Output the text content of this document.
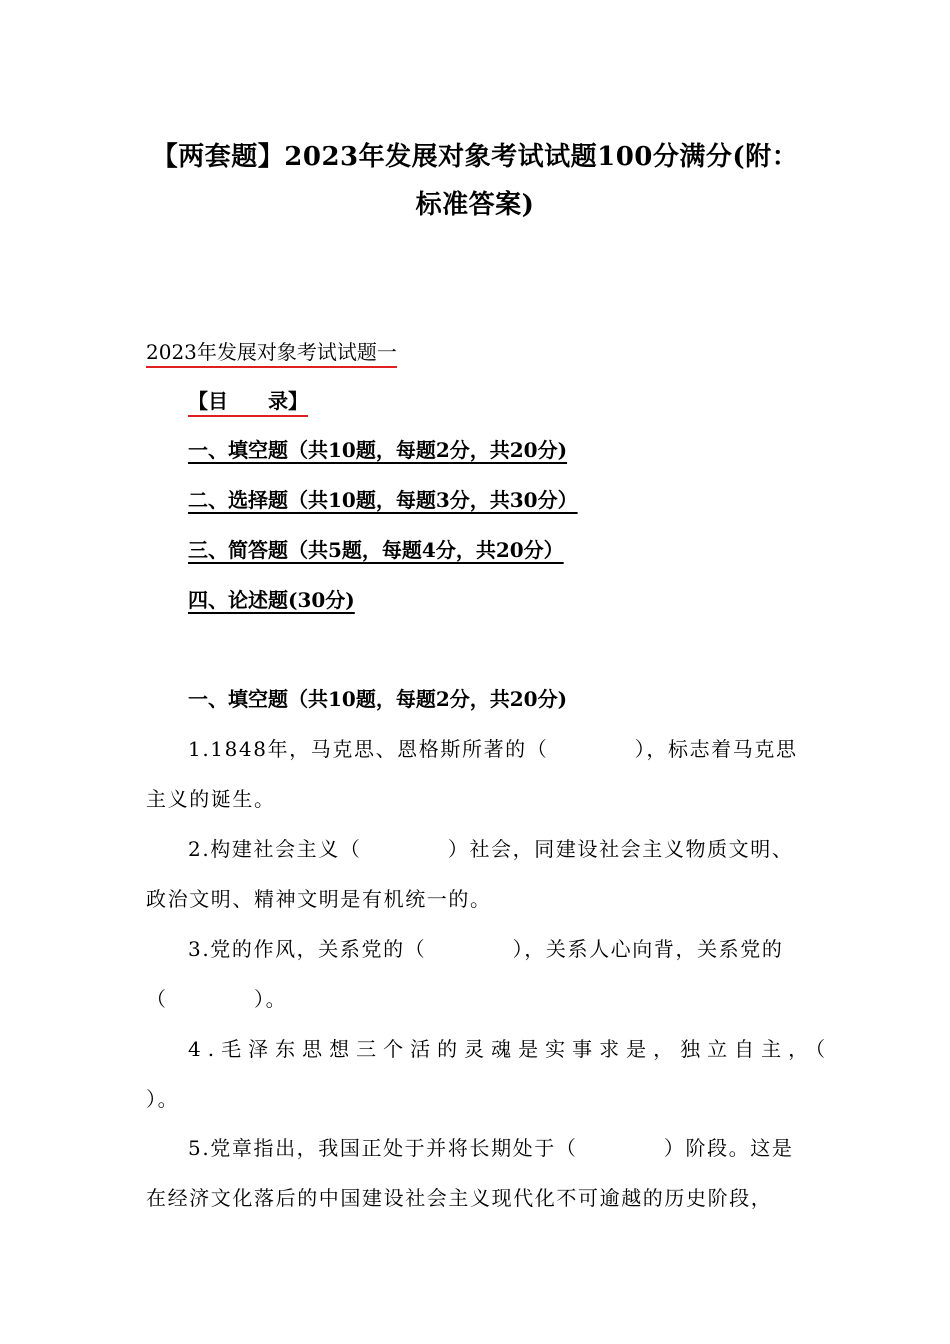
【两套题】2023年发展对象考试试题100分满分(附：
标准答案)
2023年发展对象考试试题一
【目　　录】
一、填空题（共10题，每题2分，共20分)
二、选择题（共10题，每题3分，共30分）
三、简答题（共5题，每题4分，共20分）
四、论述题(30分)
一、填空题（共10题，每题2分，共20分)
1.1848年，马克思、恩格斯所著的（　　　　），标志着马克思
主义的诞生。
2.构建社会主义（　　　　）社会，同建设社会主义物质文明、
政治文明、精神文明是有机统一的。
3.党的作风，关系党的（　　　　），关系人心向背，关系党的
（　　　　）。
4.毛泽东思想三个活的灵魂是实事求是，独立自主，（
）。
5.党章指出，我国正处于并将长期处于（　　　　）阶段。这是
在经济文化落后的中国建设社会主义现代化不可逾越的历史阶段，
